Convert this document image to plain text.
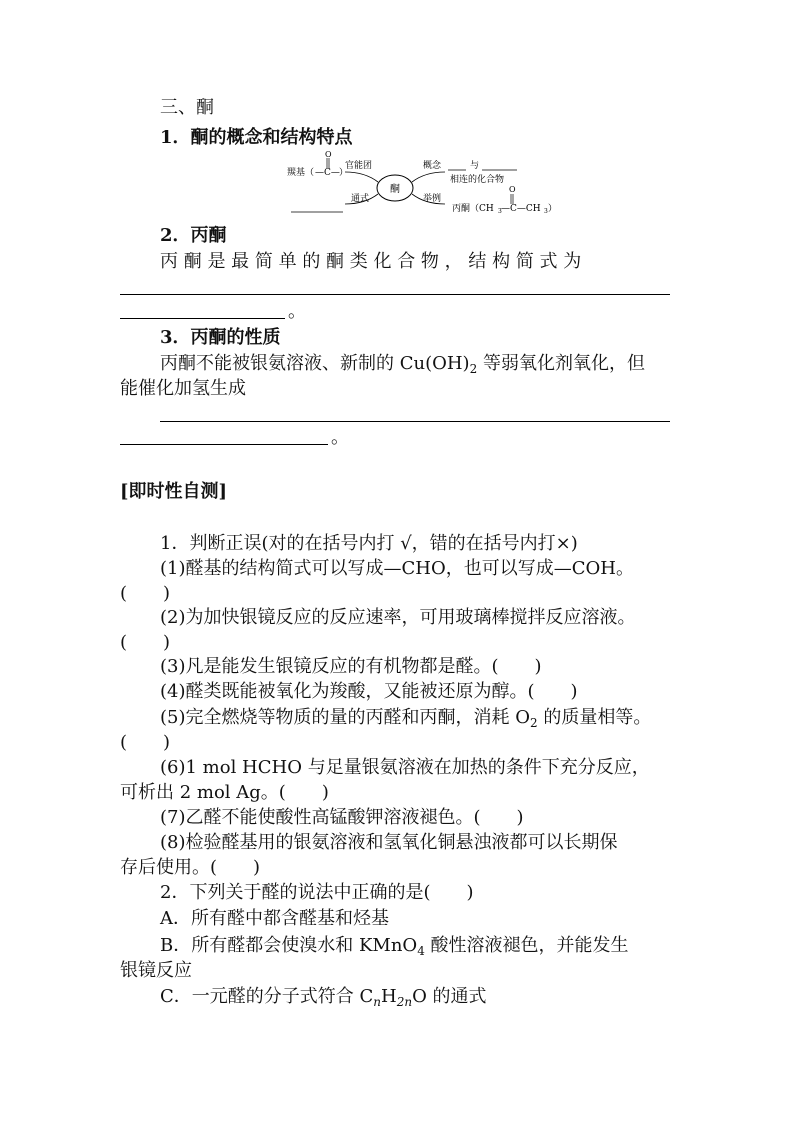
三、酮
1．酮的概念和结构特点
酮
官能团
通式
概念
举例
羰基（
O
—C— ）
与
相连的化合物
丙酮（CH 3
O
—C—CH 3 ）
2．丙酮
丙 酮 是 最 简 单 的 酮 类 化 合 物 ， 结 构 简 式 为
。
3．丙酮的性质
丙酮不能被银氨溶液、新制的 $Cu(OH)_2$ 等弱氧化剂氧化，但
能催化加氢生成
。
[即时性自测]
1．判断正误(对的在括号内打 √，错的在括号内打×)
(1)醛基的结构简式可以写成—CHO，也可以写成—COH。
(　　)
(2)为加快银镜反应的反应速率，可用玻璃棒搅拌反应溶液。
(　　)
(3)凡是能发生银镜反应的有机物都是醛。(　　)
(4)醛类既能被氧化为羧酸，又能被还原为醇。(　　)
(5)完全燃烧等物质的量的丙醛和丙酮，消耗 $O_2$ 的质量相等。
(　　)
(6)1 mol HCHO 与足量银氨溶液在加热的条件下充分反应，
可析出 2 mol Ag。(　　)
(7)乙醛不能使酸性高锰酸钾溶液褪色。(　　)
(8)检验醛基用的银氨溶液和氢氧化铜悬浊液都可以长期保
存后使用。(　　)
2．下列关于醛的说法中正确的是(　　)
A．所有醛中都含醛基和烃基
B．所有醛都会使溴水和 KMnO$_4$ 酸性溶液褪色，并能发生
银镜反应
C．一元醛的分子式符合 $C_nH_{2n}O$ 的通式
